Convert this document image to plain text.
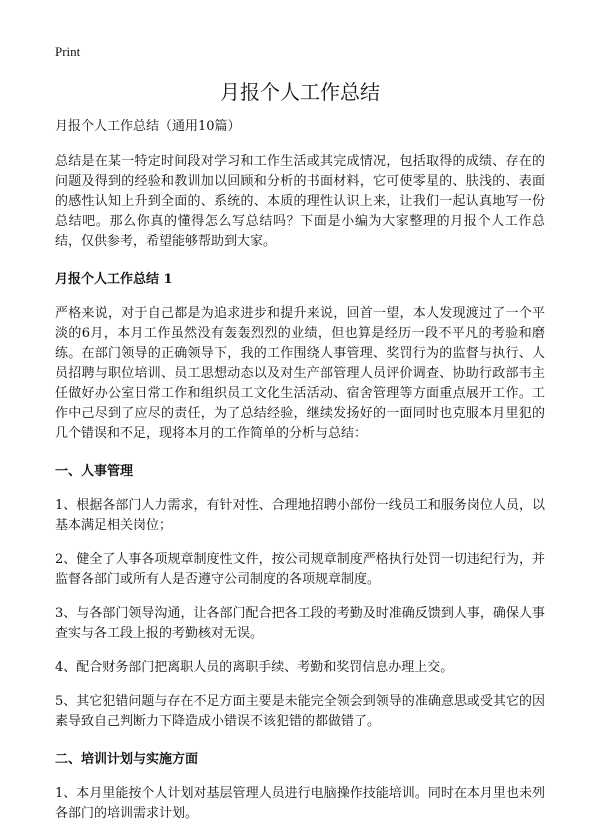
Print
月报个人工作总结
月报个人工作总结（通用10篇）

总结是在某一特定时间段对学习和工作生活或其完成情况，包括取得的成绩、存在的问题及得到的经验和教训加以回顾和分析的书面材料，它可使零星的、肤浅的、表面的感性认知上升到全面的、系统的、本质的理性认识上来，让我们一起认真地写一份总结吧。那么你真的懂得怎么写总结吗？下面是小编为大家整理的月报个人工作总结，仅供参考，希望能够帮助到大家。

月报个人工作总结 1

严格来说，对于自己都是为追求进步和提升来说，回首一望，本人发现渡过了一个平淡的6月，本月工作虽然没有轰轰烈烈的业绩，但也算是经历一段不平凡的考验和磨练。在部门领导的正确领导下，我的工作围绕人事管理、奖罚行为的监督与执行、人员招聘与职位培训、员工思想动态以及对生产部管理人员评价调查、协助行政部韦主任做好办公室日常工作和组织员工文化生活活动、宿舍管理等方面重点展开工作。工作中己尽到了应尽的责任，为了总结经验，继续发扬好的一面同时也克服本月里犯的几个错误和不足，现将本月的工作简单的分析与总结：

一、人事管理

1、根据各部门人力需求，有针对性、合理地招聘小部份一线员工和服务岗位人员，以基本满足相关岗位；

2、健全了人事各项规章制度性文件，按公司规章制度严格执行处罚一切违纪行为，并监督各部门或所有人是否遵守公司制度的各项规章制度。

3、与各部门领导沟通，让各部门配合把各工段的考勤及时准确反馈到人事，确保人事查实与各工段上报的考勤核对无误。

4、配合财务部门把离职人员的离职手续、考勤和奖罚信息办理上交。

5、其它犯错问题与存在不足方面主要是未能完全领会到领导的准确意思或受其它的因素导致自己判断力下降造成小错误不该犯错的都做错了。

二、培训计划与实施方面

1、本月里能按个人计划对基层管理人员进行电脑操作技能培训。同时在本月里也未列各部门的培训需求计划。
